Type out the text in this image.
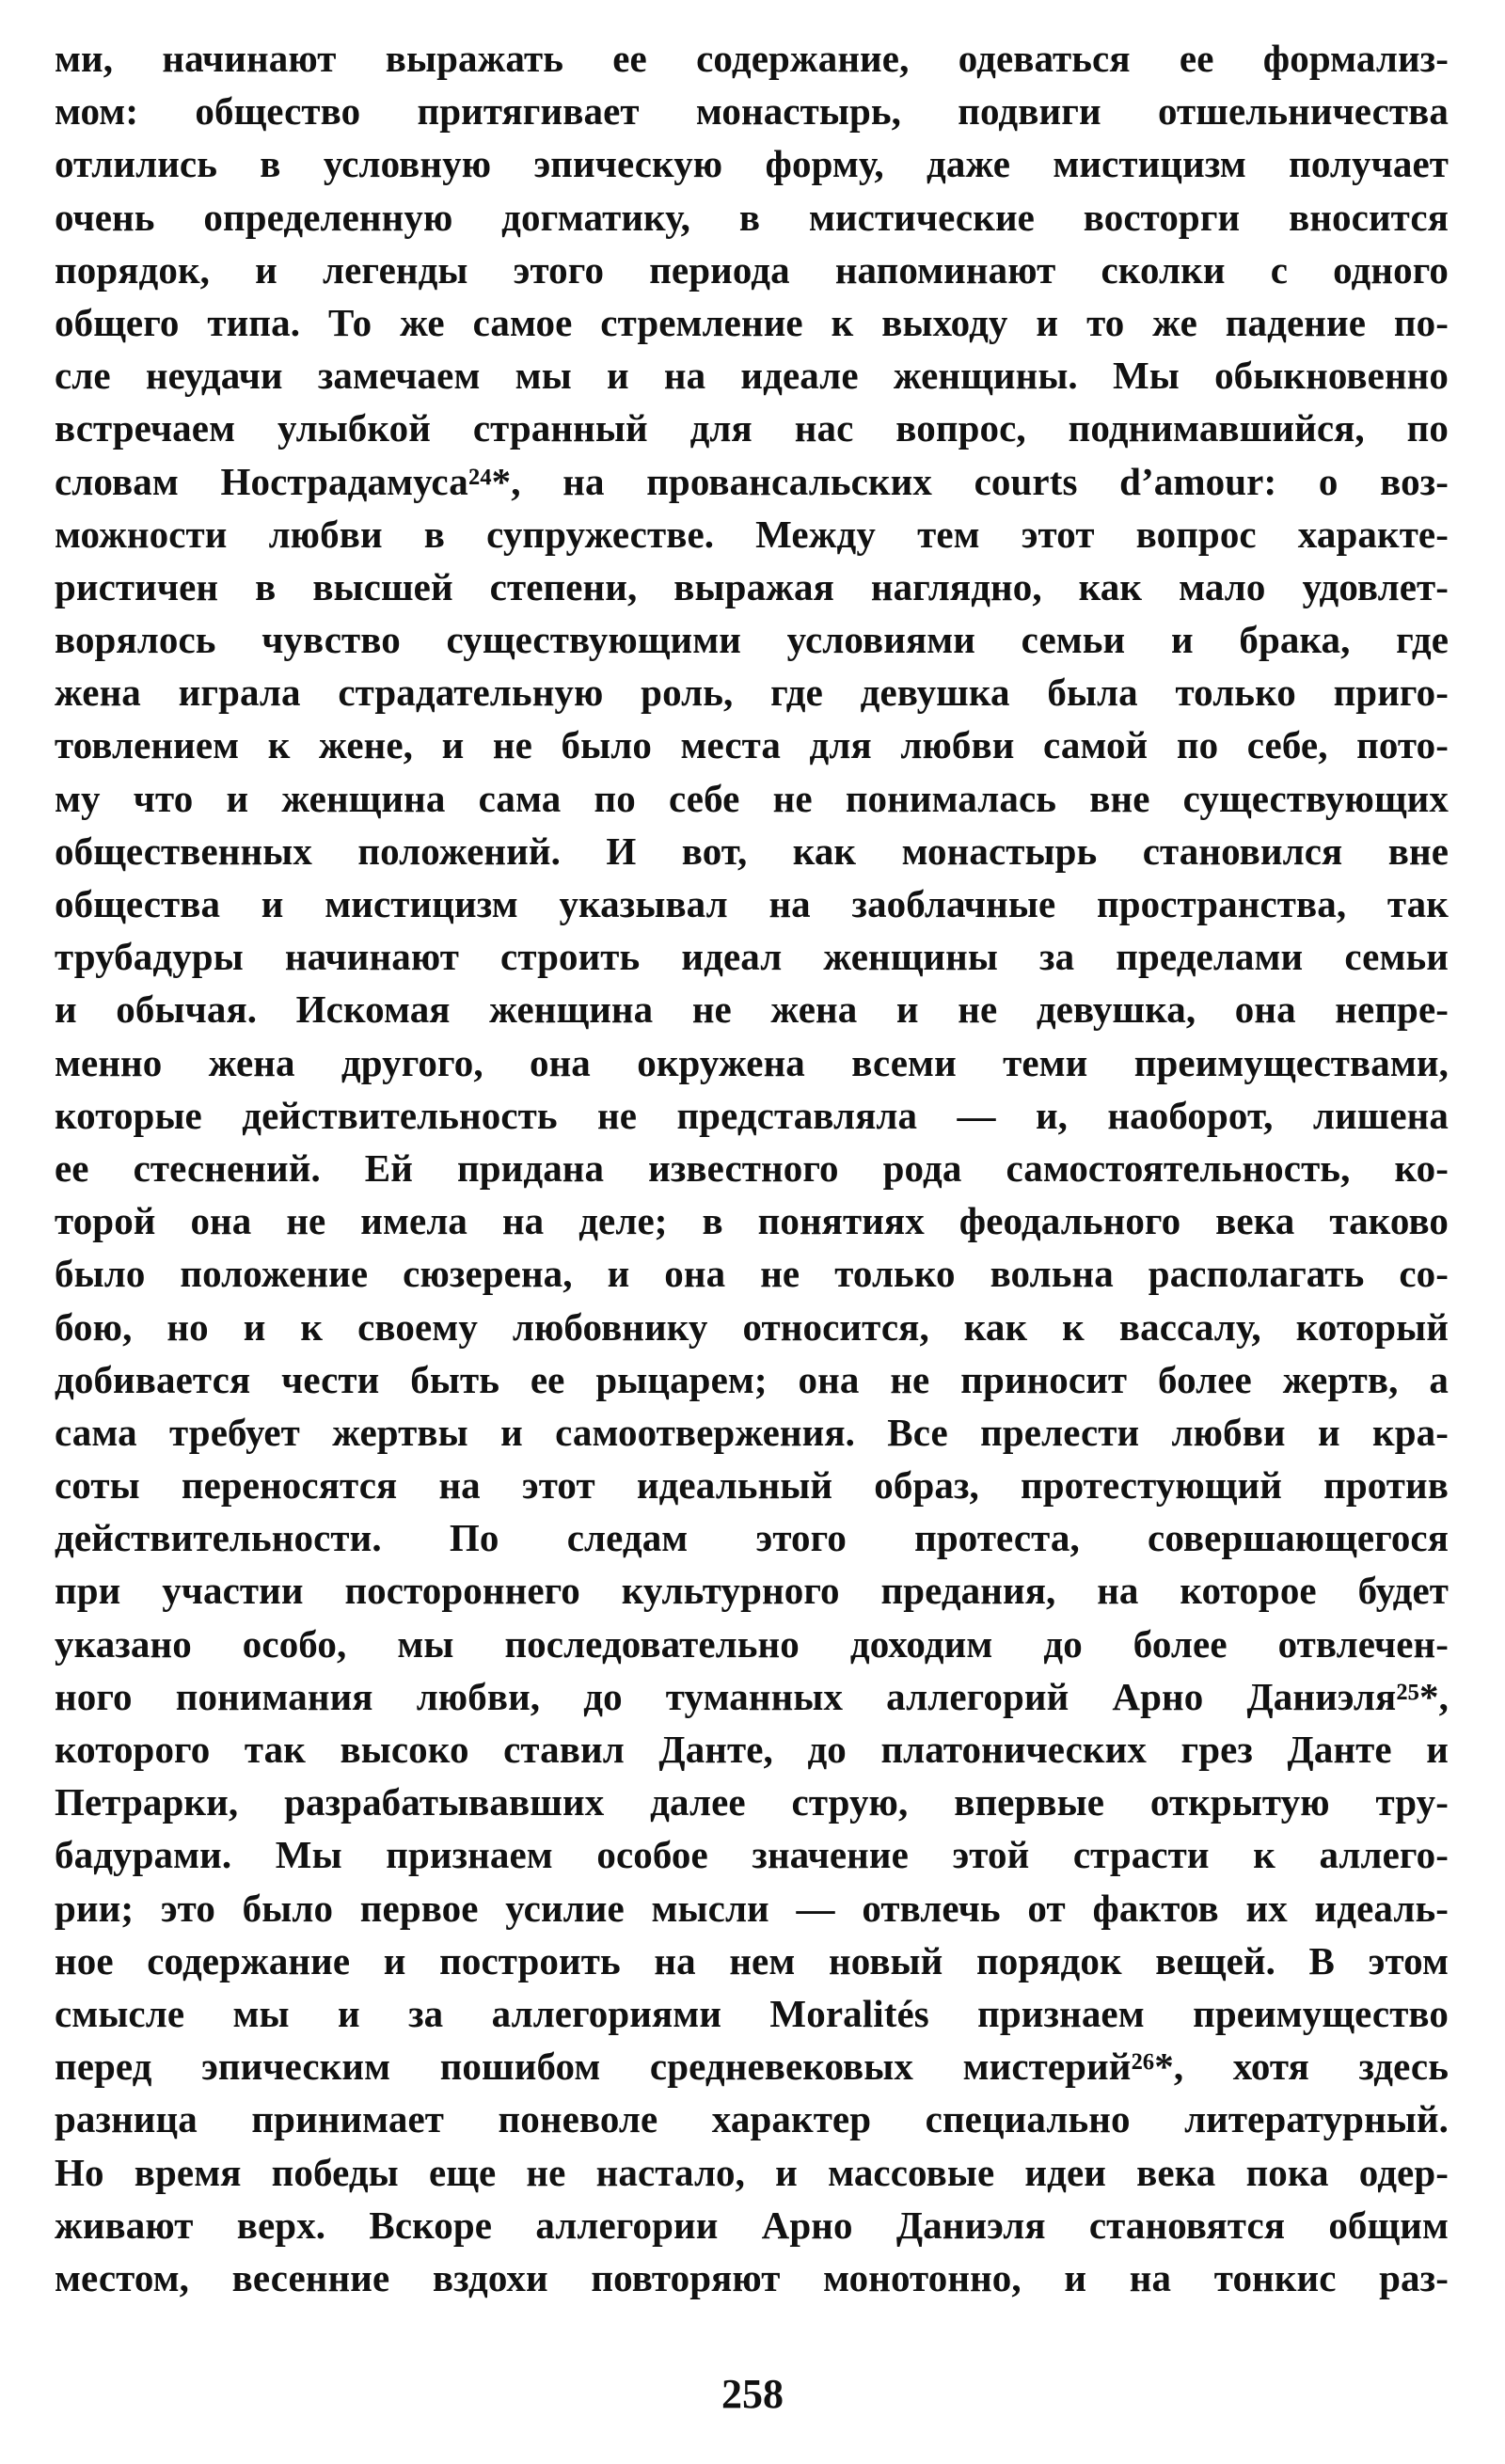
ми, начинают выражать ее содержание, одеваться ее формализ-
мом: общество притягивает монастырь, подвиги отшельничества
отлились в условную эпическую форму, даже мистицизм получает
очень определенную догматику, в мистические восторги вносится
порядок, и легенды этого периода напоминают сколки с одного
общего типа. То же самое стремление к выходу и то же падение по-
сле неудачи замечаем мы и на идеале женщины. Мы обыкновенно
встречаем улыбкой странный для нас вопрос, поднимавшийся, по
словам Нострадамуса²⁴*, на провансальских courts d’amour: о воз-
можности любви в супружестве. Между тем этот вопрос характе-
ристичен в высшей степени, выражая наглядно, как мало удовлет-
ворялось чувство существующими условиями семьи и брака, где
жена играла страдательную роль, где девушка была только приго-
товлением к жене, и не было места для любви самой по себе, пото-
му что и женщина сама по себе не понималась вне существующих
общественных положений. И вот, как монастырь становился вне
общества и мистицизм указывал на заоблачные пространства, так
трубадуры начинают строить идеал женщины за пределами семьи
и обычая. Искомая женщина не жена и не девушка, она непре-
менно жена другого, она окружена всеми теми преимуществами,
которые действительность не представляла — и, наоборот, лишена
ее стеснений. Ей придана известного рода самостоятельность, ко-
торой она не имела на деле; в понятиях феодального века таково
было положение сюзерена, и она не только вольна располагать со-
бою, но и к своему любовнику относится, как к вассалу, который
добивается чести быть ее рыцарем; она не приносит более жертв, а
сама требует жертвы и самоотвержения. Все прелести любви и кра-
соты переносятся на этот идеальный образ, протестующий против
действительности. По следам этого протеста, совершающегося
при участии постороннего культурного предания, на которое будет
указано особо, мы последовательно доходим до более отвлечен-
ного понимания любви, до туманных аллегорий Арно Даниэля²⁵*,
которого так высоко ставил Данте, до платонических грез Данте и
Петрарки, разрабатывавших далее струю, впервые открытую тру-
бадурами. Мы признаем особое значение этой страсти к аллего-
рии; это было первое усилие мысли — отвлечь от фактов их идеаль-
ное содержание и построить на нем новый порядок вещей. В этом
смысле мы и за аллегориями Moralités признаем преимущество
перед эпическим пошибом средневековых мистерий²⁶*, хотя здесь
разница принимает поневоле характер специально литературный.
Но время победы еще не настало, и массовые идеи века пока одер-
живают верх. Вскоре аллегории Арно Даниэля становятся общим
местом, весенние вздохи повторяют монотонно, и на тонкис раз-
258
